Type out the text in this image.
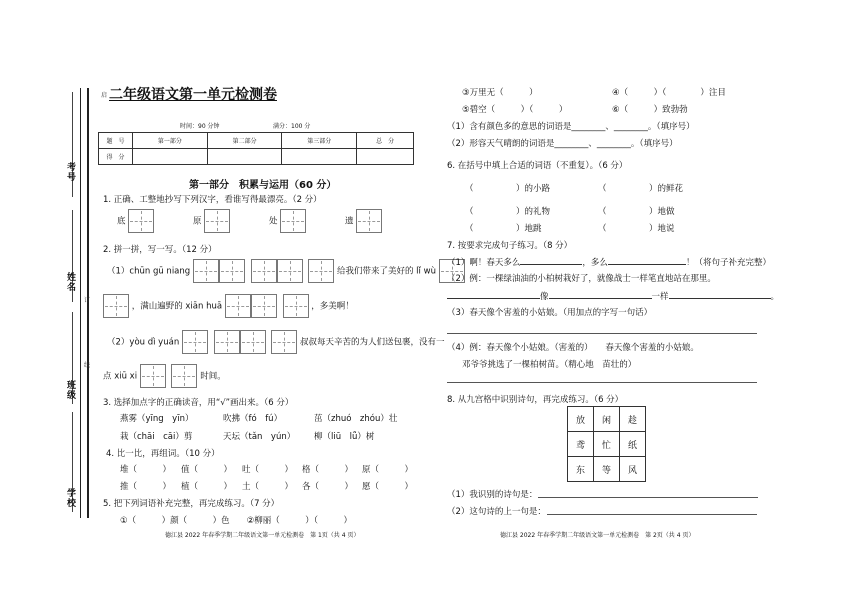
考号
姓名
班级
学校
订
线
启 二年级语文第一单元检测卷
时间：90 分钟	满分：100 分
题　号	第一部分	第二部分	第三部分	总　分
得　分				
第一部分　积累与运用（60 分）
1. 正确、工整地抄写下列汉字，看谁写得最漂亮。（2 分）
底	原	处	遗
2. 拼一拼，写一写。（12 分）
（1）chūn gū niang	给我们带来了美好的 lǐ wù
，满山遍野的 xiān huā	，多美啊！
（2）yòu dì yuán	叔叔每天辛苦的为人们送包裹，没有一
点 xiū xi	时间。
3. 选择加点字的正确读音，用“√”画出来。（6 分）
燕雾（yīng　yīn）	吹拂（fó　fú）	茁（zhuó　zhóu）壮
栽（chāi　cāi）剪	天坛（tǎn　yún） 柳（liū　lǚ）树
4. 比一比，再组词。（10 分）
堆（　　　） 值（　　　） 吐（　　　） 格（　　　） 原（　　　）
推（　　　） 植（　　　） 土（　　　） 各（　　　） 愿（　　　）
5. 把下列词语补充完整，再完成练习。（7 分）
①（　　　）颜（　　　）色　　②柳丽（　　　）（　　　）
德江县 2022 年春季学期二年级语文第一单元检测卷　第 1页（共 4 页）
③万里无（　　　）	④（　　　）（　　　　）注目
⑤碧空（　　　）（　　　）	⑥（　　　）致勃勃
（1）含有颜色多的意思的词语是________、________。（填序号）
（2）形容天气晴朗的词语是________、________。（填序号）
6. 在括号中填上合适的词语（不重复）。（6 分）
（　　　　　）的小路	（　　　　　）的鲜花
（　　　　　）的礼物	（　　　　　）地做
（　　　　　）地跳	（　　　　　）地说
7. 按要求完成句子练习。（8 分）
（1）啊！春天多么	，多么	！（将句子补充完整）
（2）例：一棵绿油油的小柏树栽好了，就像战士一样笔直地站在那里。
像	一样	。
（3）春天像个害羞的小姑娘。（用加点的字写一句话）
（4）例：春天像个小姑娘。（害羞的）　　春天像个害羞的小姑娘。
邓爷爷挑选了一棵柏树苗。（精心地　苗壮的）
8. 从九宫格中识别诗句，再完成练习。（6 分）
放	闲	趁
鸢	忙	纸
东	等	风
（1）我识别的诗句是：
（2）这句诗的上一句是：
德江县 2022 年春季学期二年级语文第一单元检测卷　第 2页（共 4 页）
